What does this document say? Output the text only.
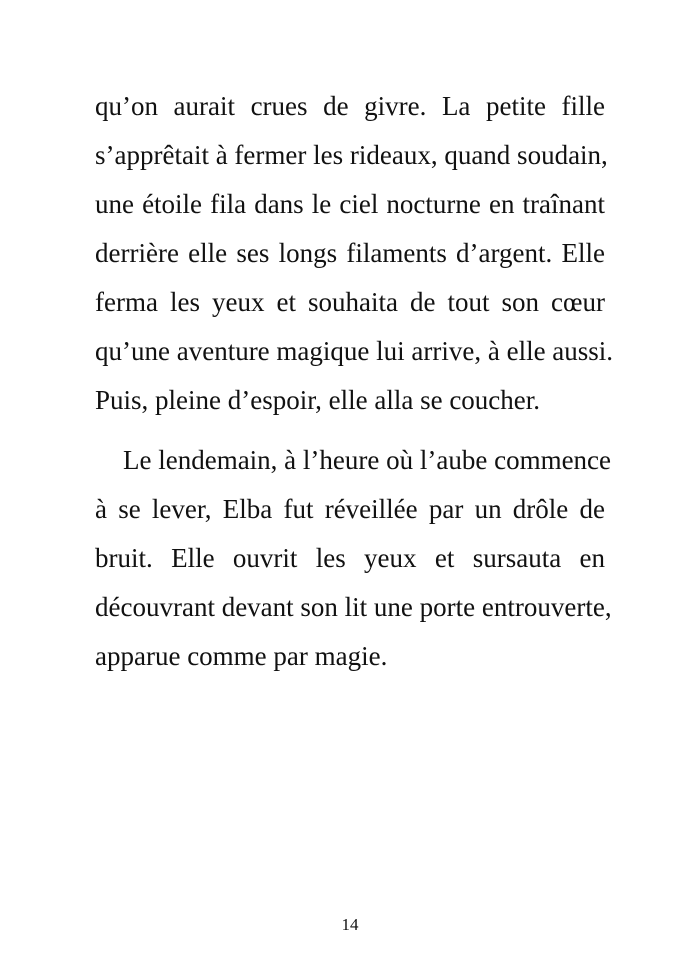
qu’on aurait crues de givre. La petite fille
s’apprêtait à fermer les rideaux, quand soudain,
une étoile fila dans le ciel nocturne en traînant
derrière elle ses longs filaments d’argent. Elle
ferma les yeux et souhaita de tout son cœur
qu’une aventure magique lui arrive, à elle aussi.
Puis, pleine d’espoir, elle alla se coucher.

Le lendemain, à l’heure où l’aube commence
à se lever, Elba fut réveillée par un drôle de
bruit. Elle ouvrit les yeux et sursauta en
découvrant devant son lit une porte entrouverte,
apparue comme par magie.

14
